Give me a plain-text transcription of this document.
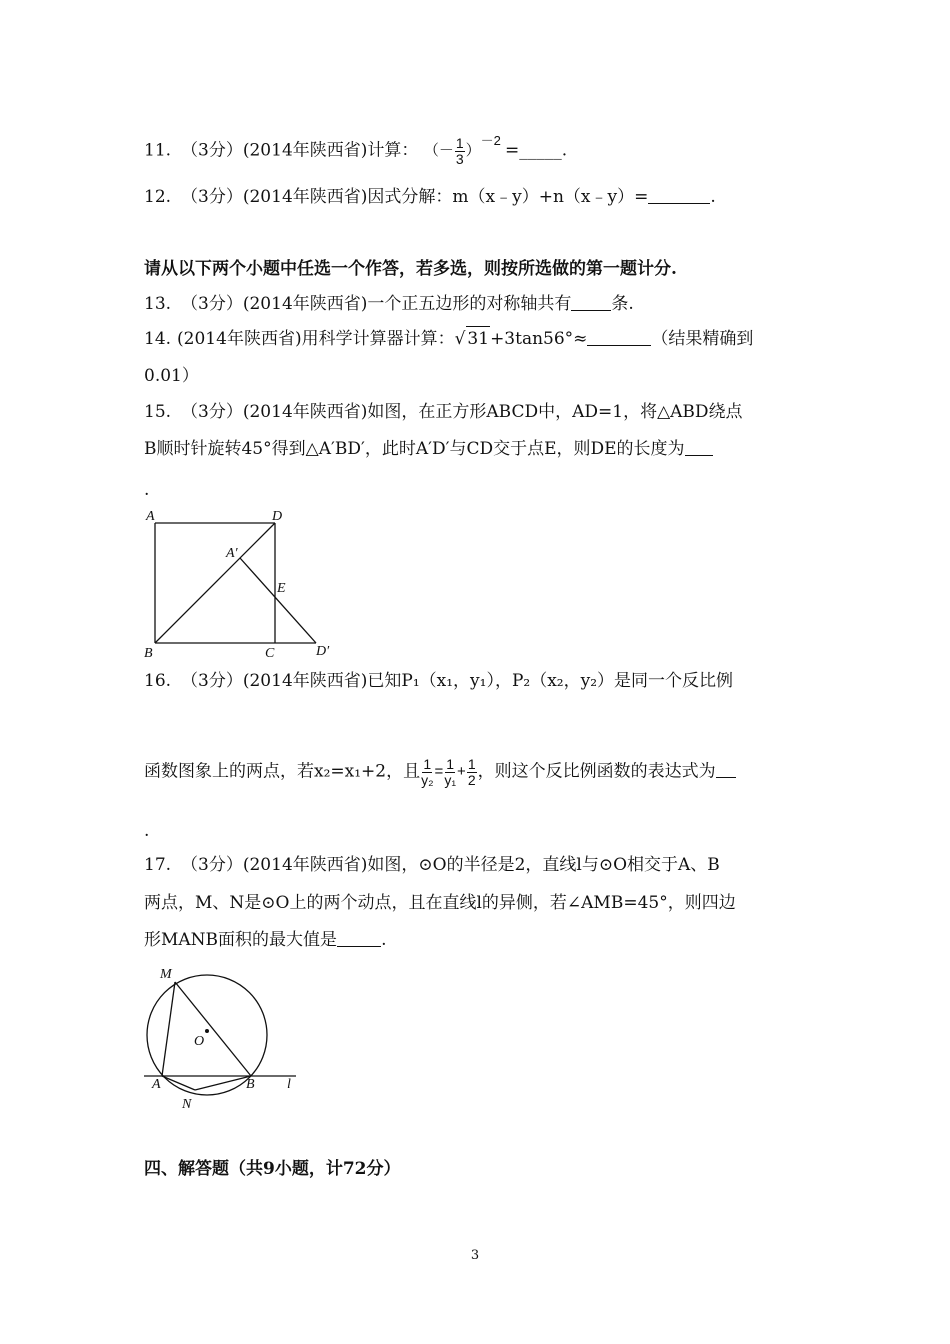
11. （3分）(2014年陕西省)计算： （－ $\frac{1}{3} )^{-2}$ =_____.
12. （3分）(2014年陕西省)因式分解：m（x﹣y）+n（x﹣y）=	.
请从以下两个小题中任选一个作答，若多选，则按所选做的第一题计分.
13. （3分）(2014年陕西省)一个正五边形的对称轴共有 条.
14. (2014年陕西省)用科学计算器计算：√ 31+3tan56°≈	（结果精确到
0.01）
15. （3分）(2014年陕西省)如图，在正方形ABCD中，AD=1，将△ABD绕点
B顺时针旋转45°得到△A′BD′，此时A′D′与CD交于点E，则DE的长度为
.
A	D
A′
E
B	C	D′
16. （3分）(2014年陕西省)已知P₁（x₁，y₁），P₂（x₂，y₂）是同一个反比例
函数图象上的两点，若x₂=x₁+2，且 $\frac{1}{\text{y₂}} = \frac{1}{\text{y₁}} + \frac{1}{2}$ ，则这个反比例函数的表达式为
.
17. （3分）(2014年陕西省)如图，⊙O的半径是2，直线l与⊙O相交于A、B
两点，M、N是⊙O上的两个动点，且在直线l的异侧，若∠AMB=45°，则四边
形MANB面积的最大值是	.
M
O
A	B
N
l
四、解答题（共9小题，计72分）
3
